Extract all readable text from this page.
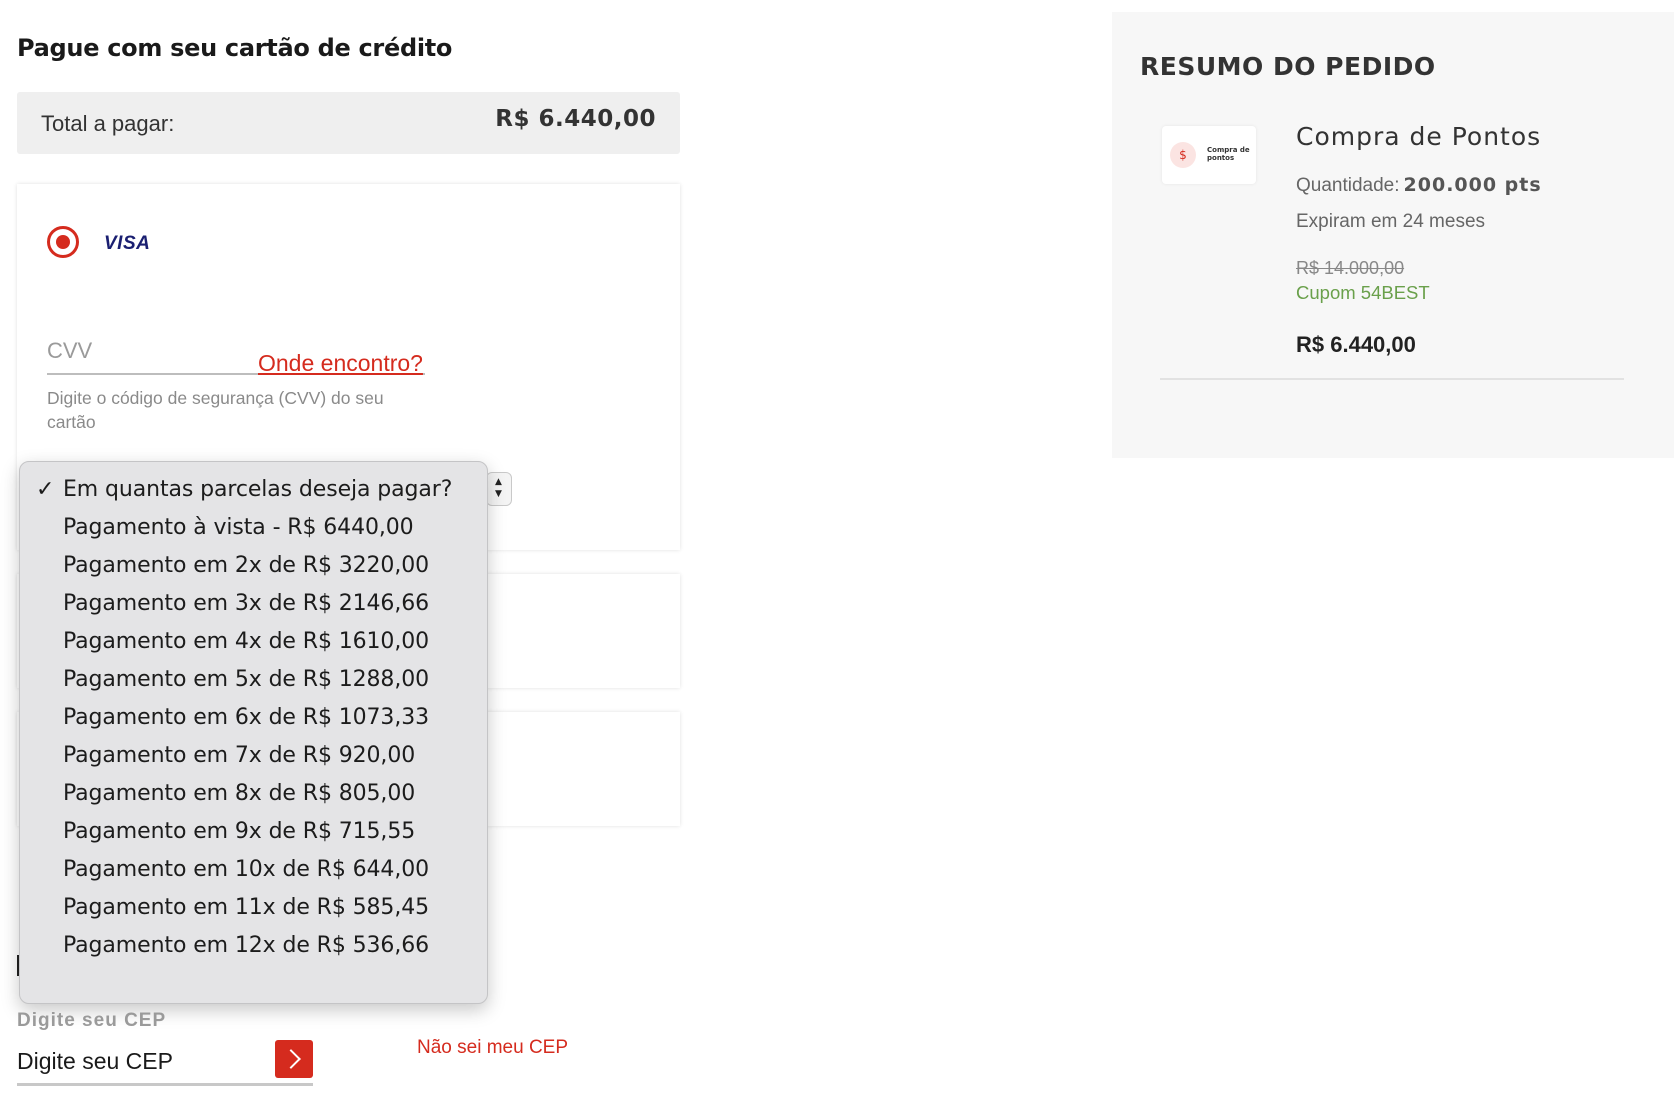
Pague com seu cartão de crédito
Total a pagar:	R$ 6.440,00
VISA
CVV	Onde encontro?
Digite o código de segurança (CVV) do seu cartão
▲
▼
✓ Em quantas parcelas deseja pagar?
Pagamento à vista - R$ 6440,00
Pagamento em 2x de R$ 3220,00
Pagamento em 3x de R$ 2146,66
Pagamento em 4x de R$ 1610,00
Pagamento em 5x de R$ 1288,00
Pagamento em 6x de R$ 1073,33
Pagamento em 7x de R$ 920,00
Pagamento em 8x de R$ 805,00
Pagamento em 9x de R$ 715,55
Pagamento em 10x de R$ 644,00
Pagamento em 11x de R$ 585,45
Pagamento em 12x de R$ 536,66
Digite seu CEP
Digite seu CEP
Não sei meu CEP
RESUMO DO PEDIDO
$	Compra de pontos
Compra de Pontos
Quantidade: 200.000 pts
Expiram em 24 meses
R$ 14.000,00
Cupom 54BEST
R$ 6.440,00
